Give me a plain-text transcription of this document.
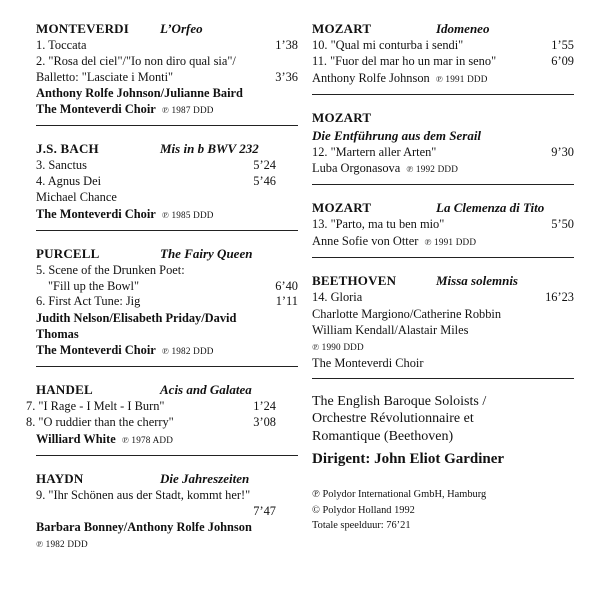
MONTEVERDI	L’Orfeo
1. Toccata	1’38
2. "Rosa del ciel"/"Io non diro qual sia"/
Balletto: "Lasciate i Monti"	3’36
Anthony Rolfe Johnson/Julianne Baird
The Monteverdi Choir ℗ 1987 DDD
J.S. BACH	Mis in b BWV 232
3. Sanctus	5’24
4. Agnus Dei	5’46
Michael Chance
The Monteverdi Choir ℗ 1985 DDD
PURCELL	The Fairy Queen
5. Scene of the Drunken Poet:
"Fill up the Bowl"	6’40
6. First Act Tune: Jig	1’11
Judith Nelson/Elisabeth Priday/David
Thomas
The Monteverdi Choir ℗ 1982 DDD
HANDEL	Acis and Galatea
7. "I Rage - I Melt - I Burn"	1’24
8. "O ruddier than the cherry"	3’08
Williard White ℗ 1978 ADD
HAYDN	Die Jahreszeiten
9. "Ihr Schönen aus der Stadt, kommt her!"
7’47
Barbara Bonney/Anthony Rolfe Johnson
℗ 1982 DDD
MOZART	Idomeneo
10. "Qual mi conturba i sendi"	1’55
11. "Fuor del mar ho un mar in seno"	6’09
Anthony Rolfe Johnson ℗ 1991 DDD
MOZART
Die Entführung aus dem Serail
12. "Martern aller Arten"	9’30
Luba Orgonasova ℗ 1992 DDD
MOZART	La Clemenza di Tito
13. "Parto, ma tu ben mio"	5’50
Anne Sofie von Otter ℗ 1991 DDD
BEETHOVEN	Missa solemnis
14. Gloria	16’23
Charlotte Margiono/Catherine Robbin
William Kendall/Alastair Miles
℗ 1990 DDD
The Monteverdi Choir
The English Baroque Soloists /
Orchestre Révolutionnaire et
Romantique (Beethoven)
Dirigent: John Eliot Gardiner
℗ Polydor International GmbH, Hamburg
© Polydor Holland 1992
Totale speelduur: 76’21
